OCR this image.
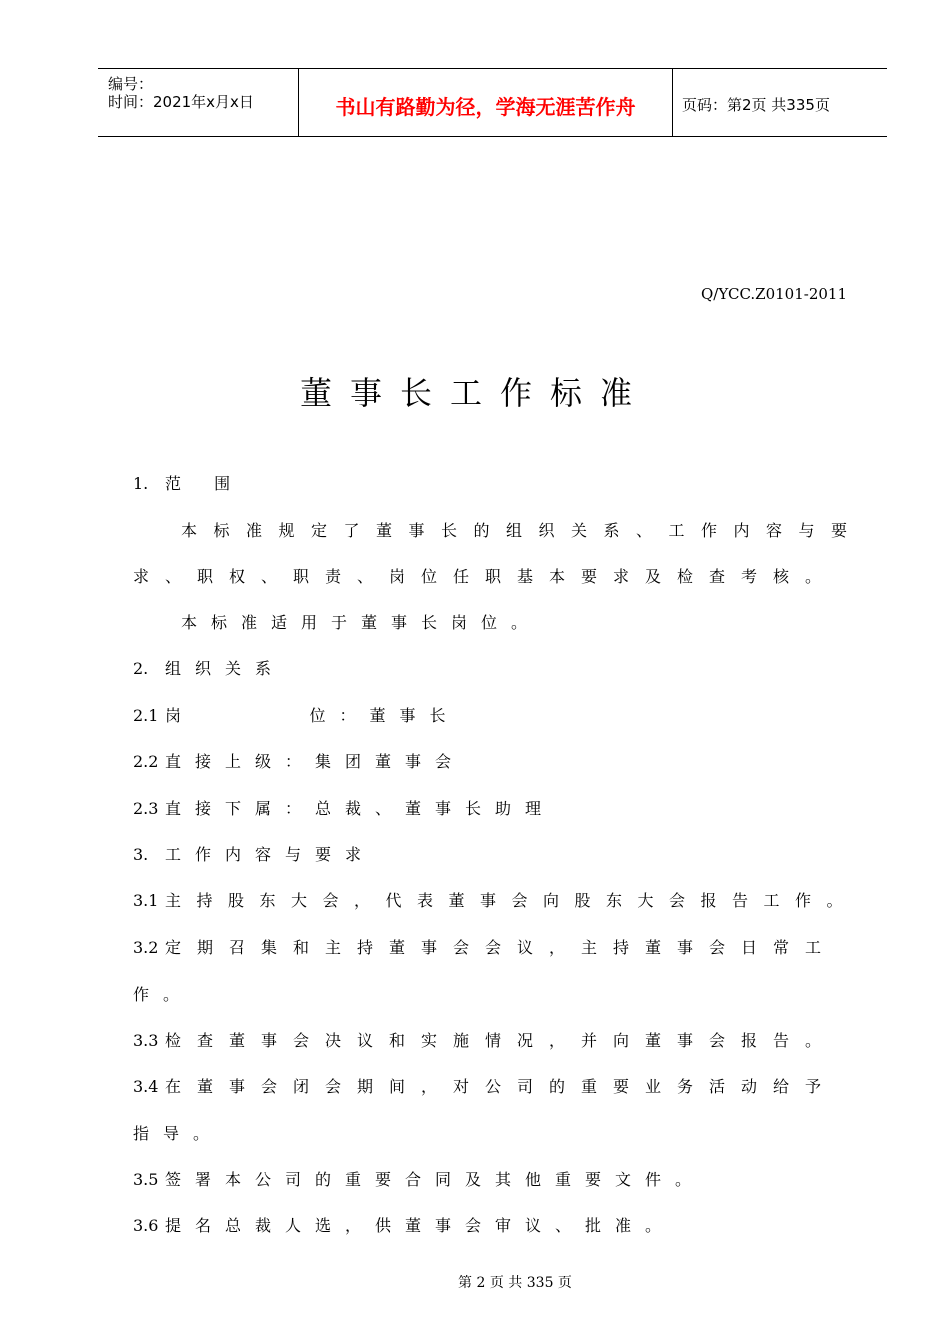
编号：
时间：2021年x月x日	书山有路勤为径，学海无涯苦作舟	页码：第2页 共335页
Q/YCC.Z0101-2011
董事长工作标准
1. 范 围
本标准规定了董事长的组织关系、工作内容与要
求、职权、职责、岗位任职基本要求及检查考核。
本标准适用于董事长岗位。
2. 组织关系
2.1 岗      位：董事长
2.2 直接上级：集团董事会
2.3 直接下属：总裁、董事长助理
3. 工作内容与要求
3.1 主持股东大会，代表董事会向股东大会报告工作。
3.2 定期召集和主持董事会会议，主持董事会日常工
作。
3.3 检查董事会决议和实施情况，并向董事会报告。
3.4 在董事会闭会期间，对公司的重要业务活动给予
指导。
3.5 签署本公司的重要合同及其他重要文件。
3.6 提名总裁人选，供董事会审议、批准。
第 2 页 共 335 页
